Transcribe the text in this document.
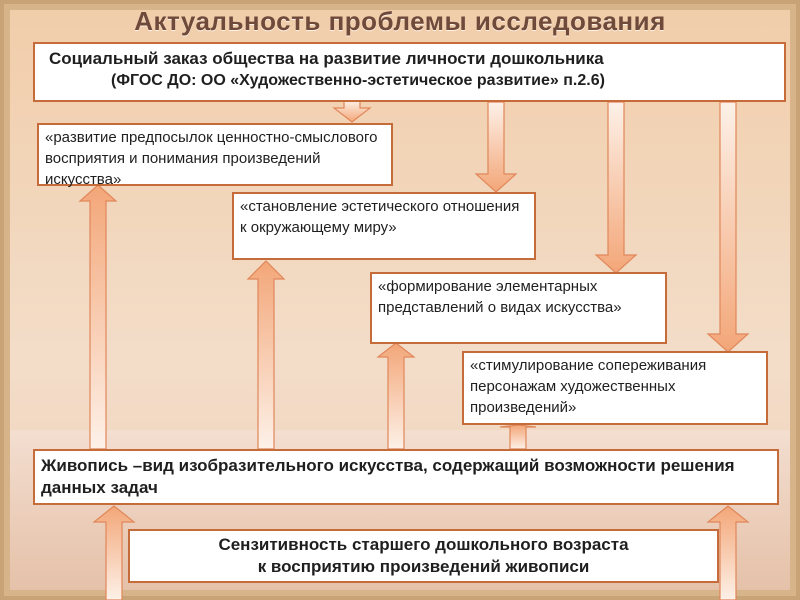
Актуальность проблемы исследования
Социальный заказ общества на развитие личности дошкольника
(ФГОС ДО: ОО «Художественно-эстетическое развитие» п.2.6)
«развитие предпосылок ценностно-смыслового восприятия и понимания произведений искусства»
«становление эстетического отношения к окружающему миру»
«формирование элементарных представлений о видах искусства»
«стимулирование сопереживания персонажам художественных произведений»
Живопись –вид изобразительного искусства, содержащий возможности решения данных задач
Сензитивность старшего дошкольного возраста
к восприятию произведений живописи
